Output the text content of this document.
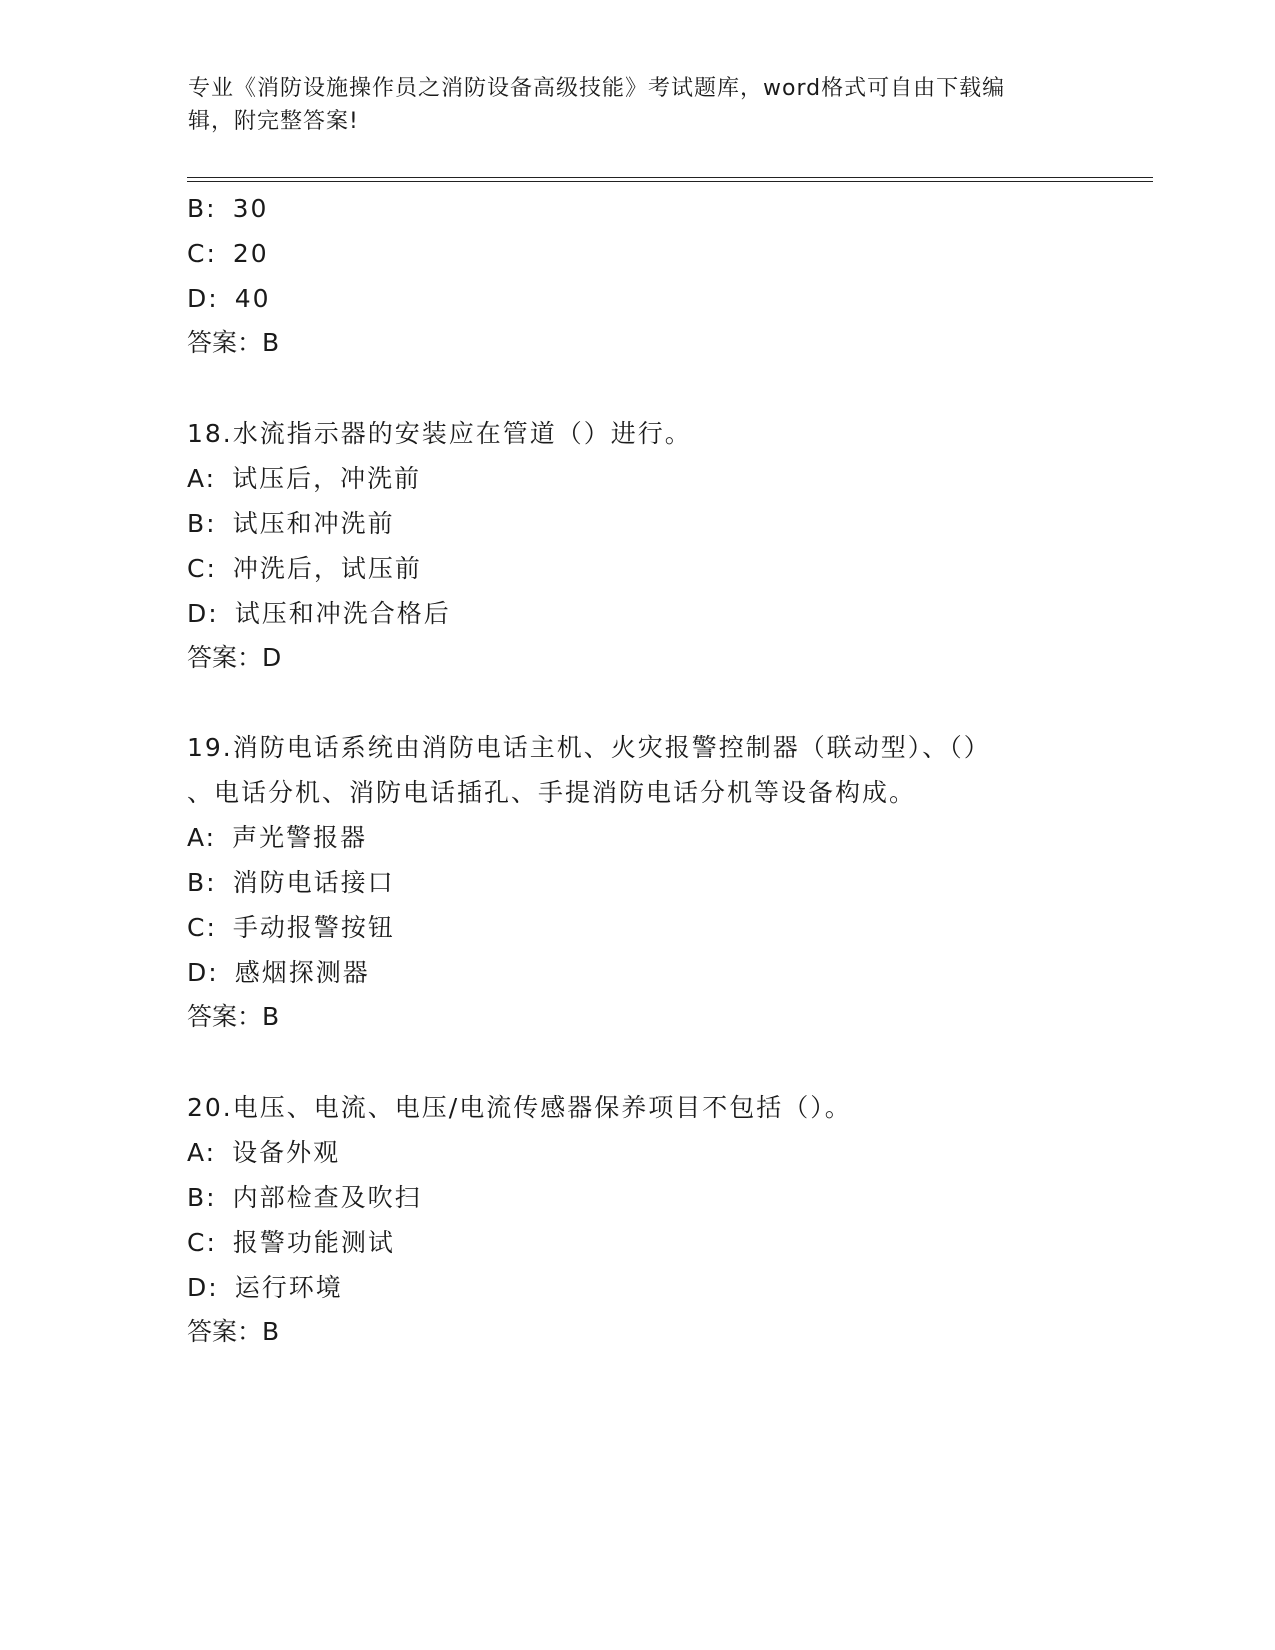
专业《消防设施操作员之消防设备高级技能》考试题库，word格式可自由下载编
辑，附完整答案!
B: 30
C: 20
D: 40
答案：B
18.水流指示器的安装应在管道（）进行。
A: 试压后，冲洗前
B: 试压和冲洗前
C: 冲洗后，试压前
D: 试压和冲洗合格后
答案：D
19.消防电话系统由消防电话主机、火灾报警控制器（联动型）、（）
、电话分机、消防电话插孔、手提消防电话分机等设备构成。
A: 声光警报器
B: 消防电话接口
C: 手动报警按钮
D: 感烟探测器
答案：B
20.电压、电流、电压/电流传感器保养项目不包括（）。
A: 设备外观
B: 内部检查及吹扫
C: 报警功能测试
D: 运行环境
答案：B
